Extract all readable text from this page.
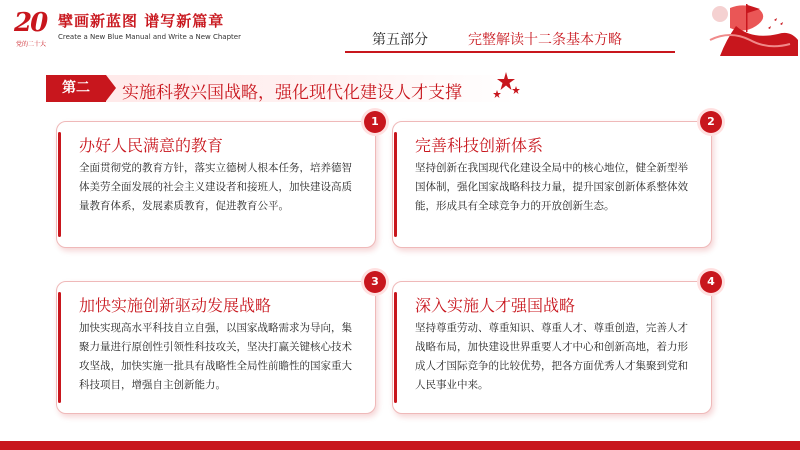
20
党的二十大
擘画新蓝图 谱写新篇章
Create a New Blue Manual and Write a New Chapter	第五部分	完整解读十二条基本方略
第二	实施科教兴国战略，强化现代化建设人才支撑
1
办好人民满意的教育
全面贯彻党的教育方针，落实立德树人根本任务，培养德智体美劳全面发展的社会主义建设者和接班人，加快建设高质量教育体系，发展素质教育，促进教育公平。
2
完善科技创新体系
坚持创新在我国现代化建设全局中的核心地位，健全新型举国体制，强化国家战略科技力量，提升国家创新体系整体效能，形成具有全球竞争力的开放创新生态。
3
加快实施创新驱动发展战略
加快实现高水平科技自立自强，以国家战略需求为导向，集聚力量进行原创性引领性科技攻关，坚决打赢关键核心技术攻坚战，加快实施一批具有战略性全局性前瞻性的国家重大科技项目，增强自主创新能力。
4
深入实施人才强国战略
坚持尊重劳动、尊重知识、尊重人才、尊重创造，完善人才战略布局，加快建设世界重要人才中心和创新高地，着力形成人才国际竞争的比较优势，把各方面优秀人才集聚到党和人民事业中来。
